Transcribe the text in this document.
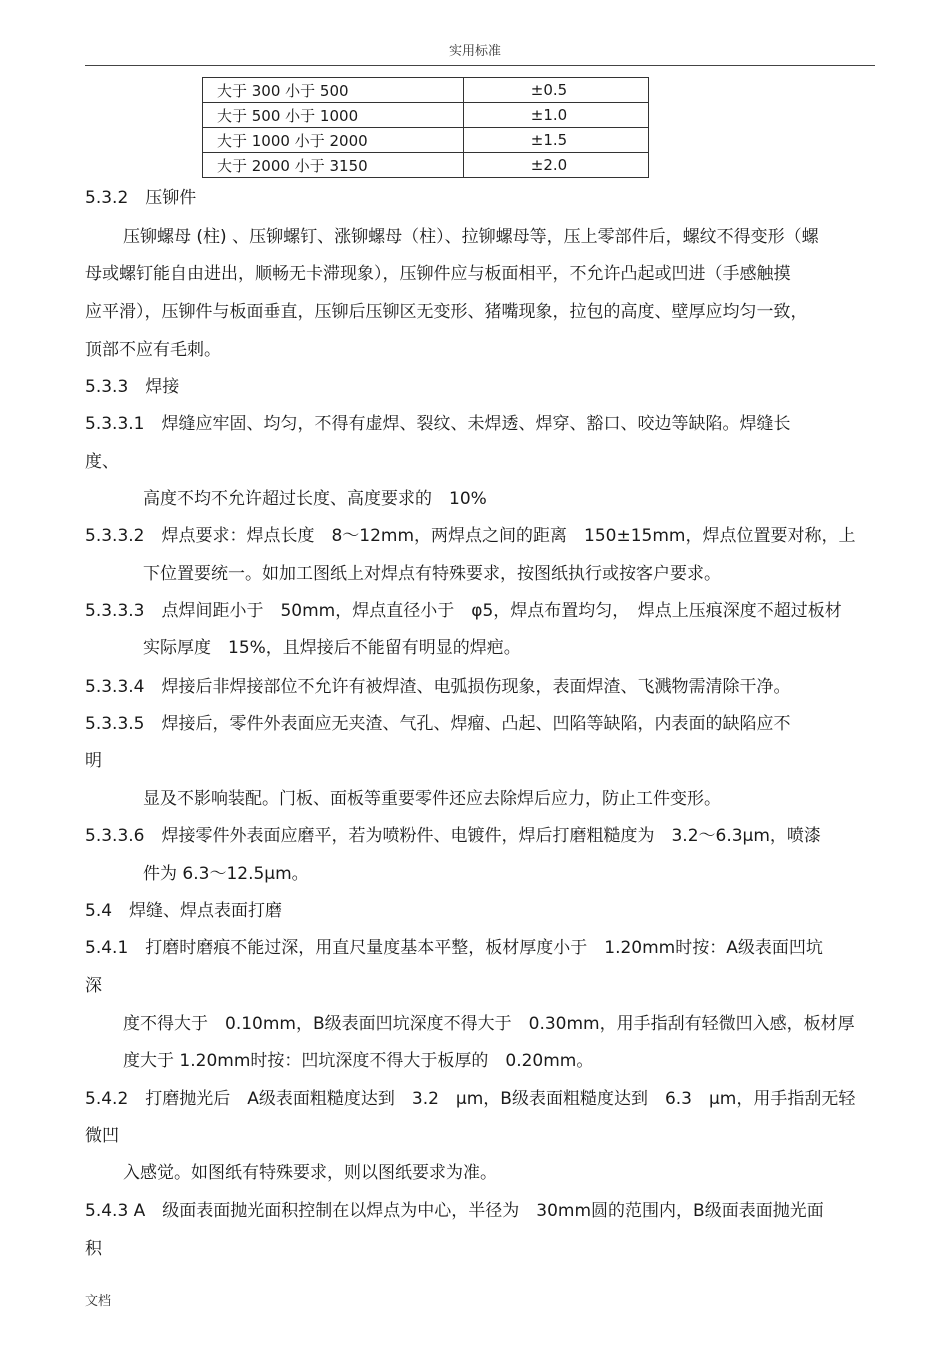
实用标准
大于 300 小于 500	±0.5
大于 500 小于 1000	±1.0
大于 1000 小于 2000	±1.5
大于 2000 小于 3150	±2.0
5.3.2　压铆件
压铆螺母 (柱) 、压铆螺钉、涨铆螺母（柱）、拉铆螺母等，压上零部件后，螺纹不得变形（螺
母或螺钉能自由进出，顺畅无卡滞现象），压铆件应与板面相平，不允许凸起或凹进（手感触摸
应平滑），压铆件与板面垂直，压铆后压铆区无变形、猪嘴现象，拉包的高度、壁厚应均匀一致，
顶部不应有毛刺。
5.3.3　焊接
5.3.3.1　焊缝应牢固、均匀，不得有虚焊、裂纹、未焊透、焊穿、豁口、咬边等缺陷。焊缝长
度、
高度不均不允许超过长度、高度要求的　10%
5.3.3.2　焊点要求：焊点长度　8～12mm，两焊点之间的距离　150±15mm，焊点位置要对称，上
下位置要统一。如加工图纸上对焊点有特殊要求，按图纸执行或按客户要求。
5.3.3.3　点焊间距小于　50mm，焊点直径小于　φ5，焊点布置均匀，　焊点上压痕深度不超过板材
实际厚度　15%，且焊接后不能留有明显的焊疤。
5.3.3.4　焊接后非焊接部位不允许有被焊渣、电弧损伤现象，表面焊渣、飞溅物需清除干净。
5.3.3.5　焊接后，零件外表面应无夹渣、气孔、焊瘤、凸起、凹陷等缺陷，内表面的缺陷应不
明
显及不影响装配。门板、面板等重要零件还应去除焊后应力，防止工件变形。
5.3.3.6　焊接零件外表面应磨平，若为喷粉件、电镀件，焊后打磨粗糙度为　3.2～6.3μm，喷漆
件为 6.3～12.5μm。
5.4　焊缝、焊点表面打磨
5.4.1　打磨时磨痕不能过深，用直尺量度基本平整，板材厚度小于　1.20mm时按：A级表面凹坑
深
度不得大于　0.10mm，B级表面凹坑深度不得大于　0.30mm，用手指刮有轻微凹入感，板材厚
度大于 1.20mm时按：凹坑深度不得大于板厚的　0.20mm。
5.4.2　打磨抛光后　A级表面粗糙度达到　3.2　μm，B级表面粗糙度达到　6.3　μm，用手指刮无轻
微凹
入感觉。如图纸有特殊要求，则以图纸要求为准。
5.4.3 A　级面表面抛光面积控制在以焊点为中心，半径为　30mm圆的范围内，B级面表面抛光面
积
文档
